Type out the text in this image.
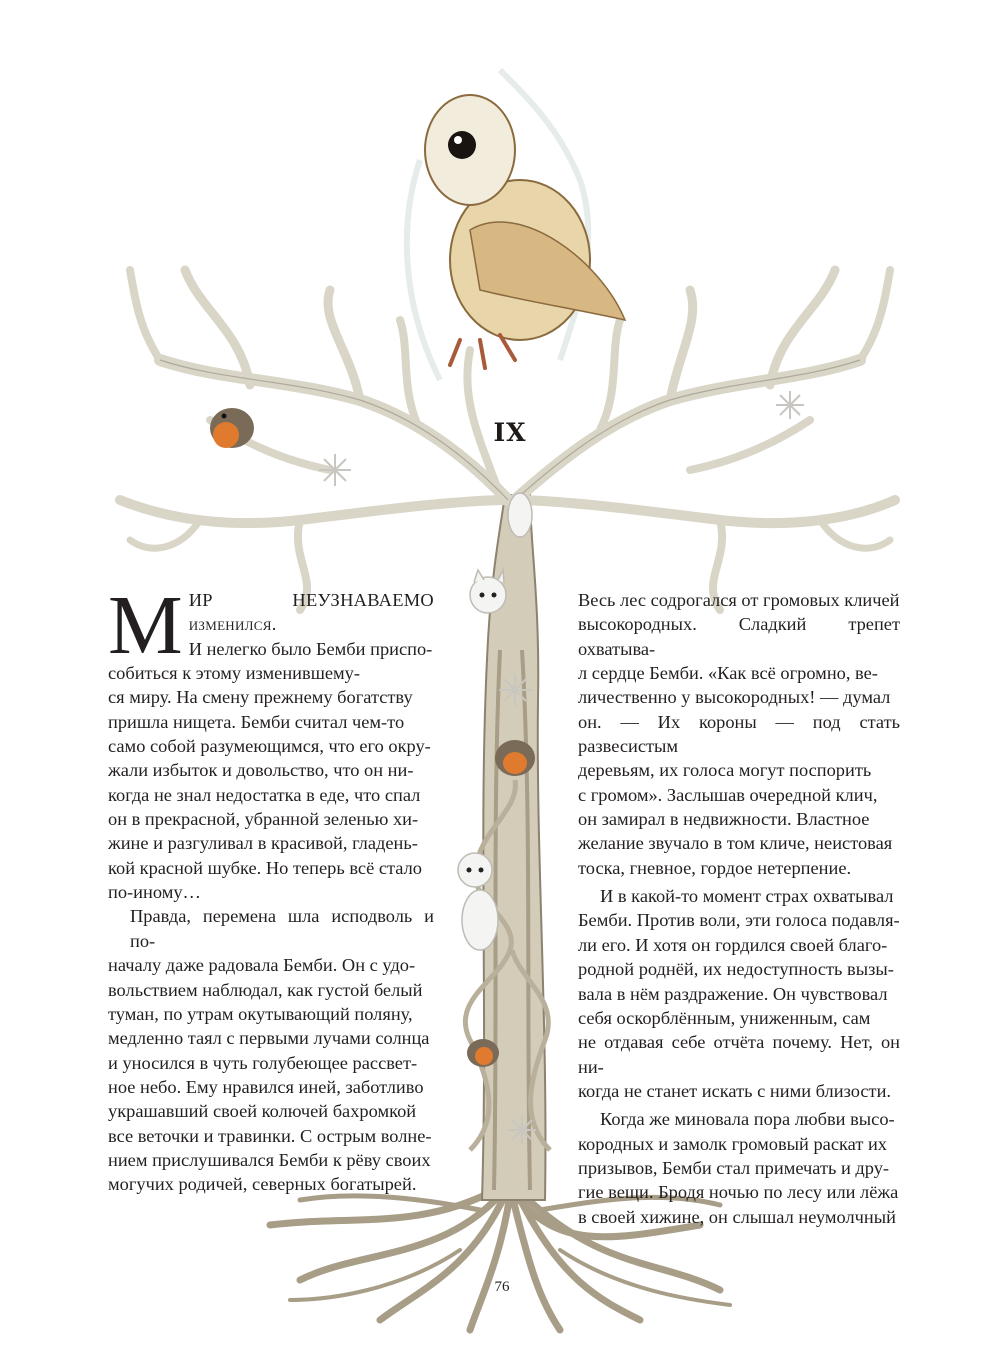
IX

М ИР НЕУЗНАВАЕМО изменился.
И нелегко было Бемби приспо-
собиться к этому изменившему-
ся миру. На смену прежнему богатству
пришла нищета. Бемби считал чем-то
само собой разумеющимся, что его окру-
жали избыток и довольство, что он ни-
когда не знал недостатка в еде, что спал
он в прекрасной, убранной зеленью хи-
жине и разгуливал в красивой, гладень-
кой красной шубке. Но теперь всё стало
по-иному…

Правда, перемена шла исподволь и по-
началу даже радовала Бемби. Он с удо-
вольствием наблюдал, как густой белый
туман, по утрам окутывающий поляну,
медленно таял с первыми лучами солнца
и уносился в чуть голубеющее рассвет-
ное небо. Ему нравился иней, заботливо
украшавший своей колючей бахромкой
все веточки и травинки. С острым волне-
нием прислушивался Бемби к рёву своих
могучих родичей, северных богатырей.

Весь лес содрогался от громовых кличей
высокородных. Сладкий трепет охватыва-
л сердце Бемби. «Как всё огромно, ве-
личественно у высокородных! — думал
он. — Их короны — под стать развесистым
деревьям, их голоса могут поспорить
с громом». Заслышав очередной клич,
он замирал в недвижности. Властное
желание звучало в том кличе, неистовая
тоска, гневное, гордое нетерпение.

И в какой-то момент страх охватывал
Бемби. Против воли, эти голоса подавля-
ли его. И хотя он гордился своей благо-
родной роднёй, их недоступность вызы-
вала в нём раздражение. Он чувствовал
себя оскорблённым, униженным, сам
не отдавая себе отчёта почему. Нет, он ни-
когда не станет искать с ними близости.

Когда же миновала пора любви высо-
кородных и замолк громовый раскат их
призывов, Бемби стал примечать и дру-
гие вещи. Бродя ночью по лесу или лёжа
в своей хижине, он слышал неумолчный

76
